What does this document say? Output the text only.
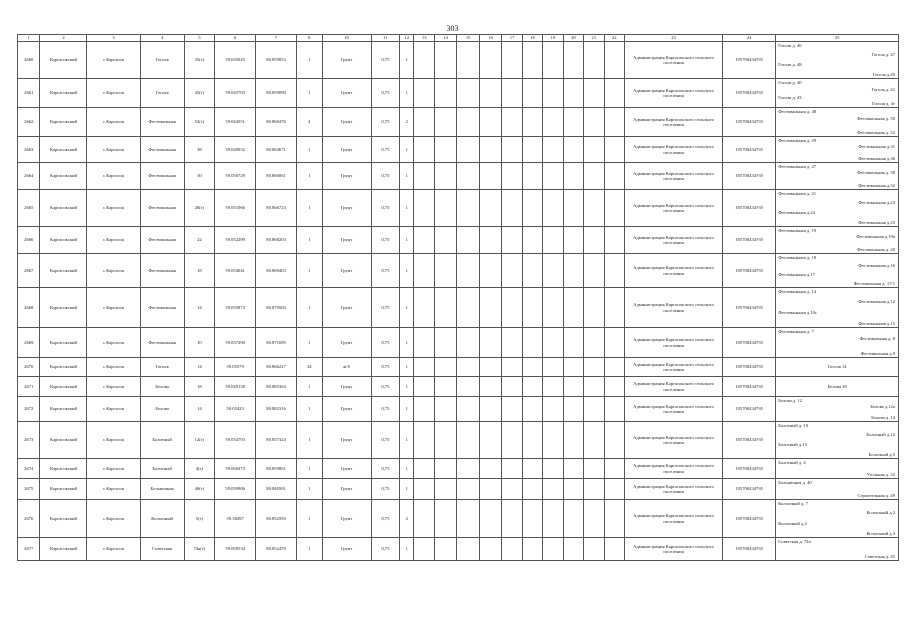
303
1	2	3	4	5	6	7	8	10	11	12	13	14	15	16	17	18	19	20	21	22	23	24	25
2660	Каргасокский	с.Каргасок	Гоголя	35(г)	59.045025	80.859053	1	Грунт	0,75	1											Администрация Каргасокского сельского поселения	1057004347б5	Гоголя д. 46
Гоголя д. 47
Гоголя д. 48
Гоголя д.45

2661	Каргасокский	с.Каргасок	Гоголя	45(г)	59.045703	80.859090	1	Грунт	0,75	1											Администрация Каргасокского сельского поселения	1057004347б5	Гоголя д. 40
Гоголя д. 41
Гоголя д. 43
Гоголя д. 4т

2662	Каргасокский	с.Каргасок	Фестивальная	52(г)	59.044551	80.860476	4	Грунт	0,75	2											Администрация Каргасокского сельского поселения	1057004347б5	Фестивальная д. 48
Фестивальная д. 50
Фестивальная д. 52

2663	Каргасокский	с.Каргасок	Фестивальная	38	59.049032	80.864671	1	Грунт	0,75	1											Администрация Каргасокского сельского поселения	1057004347б5	Фестивальная д. 29
Фестивальная д.31
Фестивальная д.36

2664	Каргасокский	с.Каргасок	Фестивальная	30	59.050729	80.866061	1	Грунт	0,75	1											Администрация Каргасокского сельского поселения	1057004347б5	Фестивальная д. 27
Фестивальная д. 30
Фестивальная д.32

2665	Каргасокский	с.Каргасок	Фестивальная	28(г)	59.051066	80.866723	1	Грунт	0,75	1											Администрация Каргасокского сельского поселения	1057004347б5	Фестивальная д. 21
Фестивальная д.23
Фестивальная д.24
Фестивальная д.25

2666	Каргасокский	с.Каргасок	Фестивальная	22	59.052299	80.868203	1	Грунт	0,75	1											Администрация Каргасокского сельского поселения	1057004347б5	Фестивальная д. 19
Фестивальная д.19а
Фестивальная д. 20

2667	Каргасокский	с.Каргасок	Фестивальная	18	59.054041	80.869403	1	Грунт	0,75	1											Администрация Каргасокского сельского поселения	1057004347б5	Фестивальная д. 18
Фестивальная д.16
Фестивальная д.17
Фестивальная д. 17/1

2668	Каргасокский	с.Каргасок	Фестивальная	14	59.055873	80.870503	1	Грунт	0,75	1											Администрация Каргасокского сельского поселения	1057004347б5	Фестивальная д. 14
Фестивальная д.12
Фестивальная д.10с
Фестивальная д.15

2669	Каргасокский	с.Каргасок	Фестивальная	10	59.057290	80.871695	1	Грунт	0,75	1											Администрация Каргасокского сельского поселения	1057004347б5	Фестивальная д. 7
Фестивальная д. 8
Фестивальная д.9

2670	Каргасокский	с.Каргасок	Гоголя	14	59.05579	80.866227	24	ж/б	0,75	1											Администрация Каргасокского сельского поселения	1057004347б5	Гоголя 14

2671	Каргасокский	с.Каргасок	Белова	18	59.049158	80.885364	1	Грунт	0,75	1											Администрация Каргасокского сельского поселения	1057004347б5	Белова 18

2672	Каргасокский	с.Каргасок	Белова	14	59.05423	80.882316	1	Грунт	0,75	1											Администрация Каргасокского сельского поселения	1057004347б5	Белова д. 12
Белова д.12а
Белова д. 14

2673	Каргасокский	с.Каргасок	Болотный	12(г)	59.054793	80.857324	1	Грунт	0,75	1											Администрация Каргасокского сельского поселения	1057004347б5	Болотный д. 10
Болотный д.12
Болотный д.13
Болотный д.5

2674	Каргасокский	с.Каргасок	Болотный	4(г)	59.060473	80.859801	1	Грунт	0,75	1											Администрация Каргасокского сельского поселения	1057004347б5	Болотный д. 4
Угольная д. 32

2675	Каргасокский	с.Каргасок	Больничная	40(г)	59.059906	80.840501	1	Грунт	0,75	1											Администрация Каргасокского сельского поселения	1057004347б5	Больничная д. 40
Строительная д. 49

2676	Каргасокский	с.Каргасок	Колхозный	5(г)	59.38497	80.852593	1	Грунт	0,75	2											Администрация Каргасокского сельского поселения	1057004347б5	Колхозный д. 7
Колхозный д.2
Колхозный д.4
Колхозный д.3

2677	Каргасокский	с.Каргасок	Советская	74а(г)	59.059534	80.852479	1	Грунт	0,75	1											Администрация Каргасокского сельского поселения	1057004347б5	Советская д. 74а
Советская д. 45
